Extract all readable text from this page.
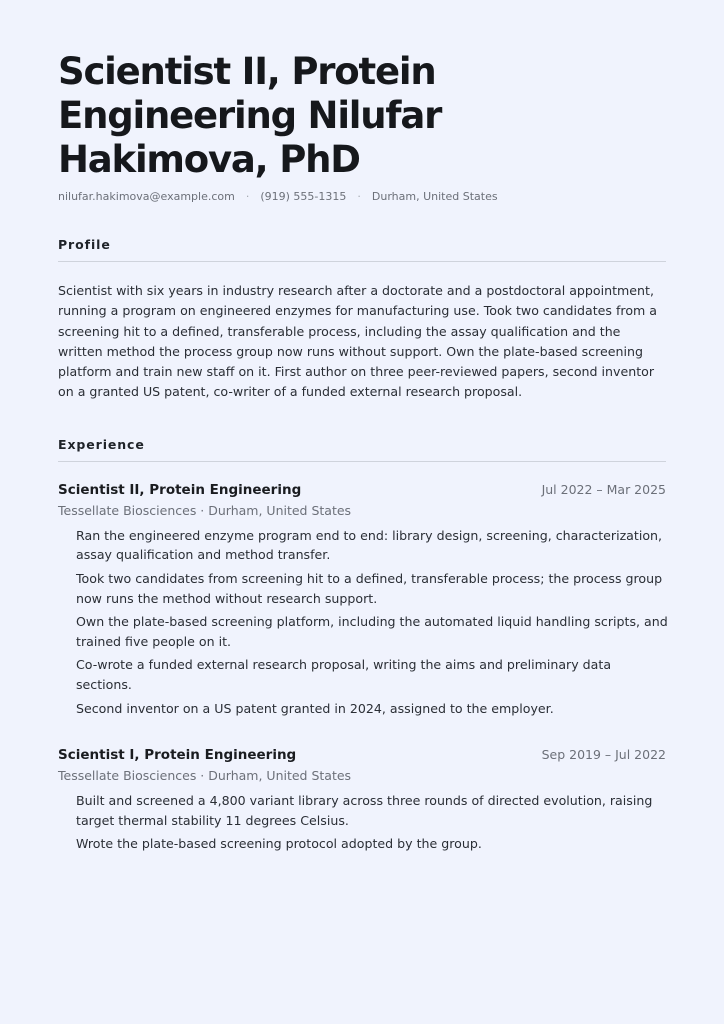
Scientist II, Protein Engineering Nilufar Hakimova, PhD
nilufar.hakimova@example.com · (919) 555-1315 · Durham, United States
Profile
Scientist with six years in industry research after a doctorate and a postdoctoral appointment, running a program on engineered enzymes for manufacturing use. Took two candidates from a screening hit to a defined, transferable process, including the assay qualification and the written method the process group now runs without support. Own the plate-based screening platform and train new staff on it. First author on three peer-reviewed papers, second inventor on a granted US patent, co-writer of a funded external research proposal.
Experience
Scientist II, Protein Engineering	Jul 2022 – Mar 2025
Tessellate Biosciences · Durham, United States
Ran the engineered enzyme program end to end: library design, screening, characterization, assay qualification and method transfer.
Took two candidates from screening hit to a defined, transferable process; the process group now runs the method without research support.
Own the plate-based screening platform, including the automated liquid handling scripts, and trained five people on it.
Co-wrote a funded external research proposal, writing the aims and preliminary data sections.
Second inventor on a US patent granted in 2024, assigned to the employer.
Scientist I, Protein Engineering	Sep 2019 – Jul 2022
Tessellate Biosciences · Durham, United States
Built and screened a 4,800 variant library across three rounds of directed evolution, raising target thermal stability 11 degrees Celsius.
Wrote the plate-based screening protocol adopted by the group.
